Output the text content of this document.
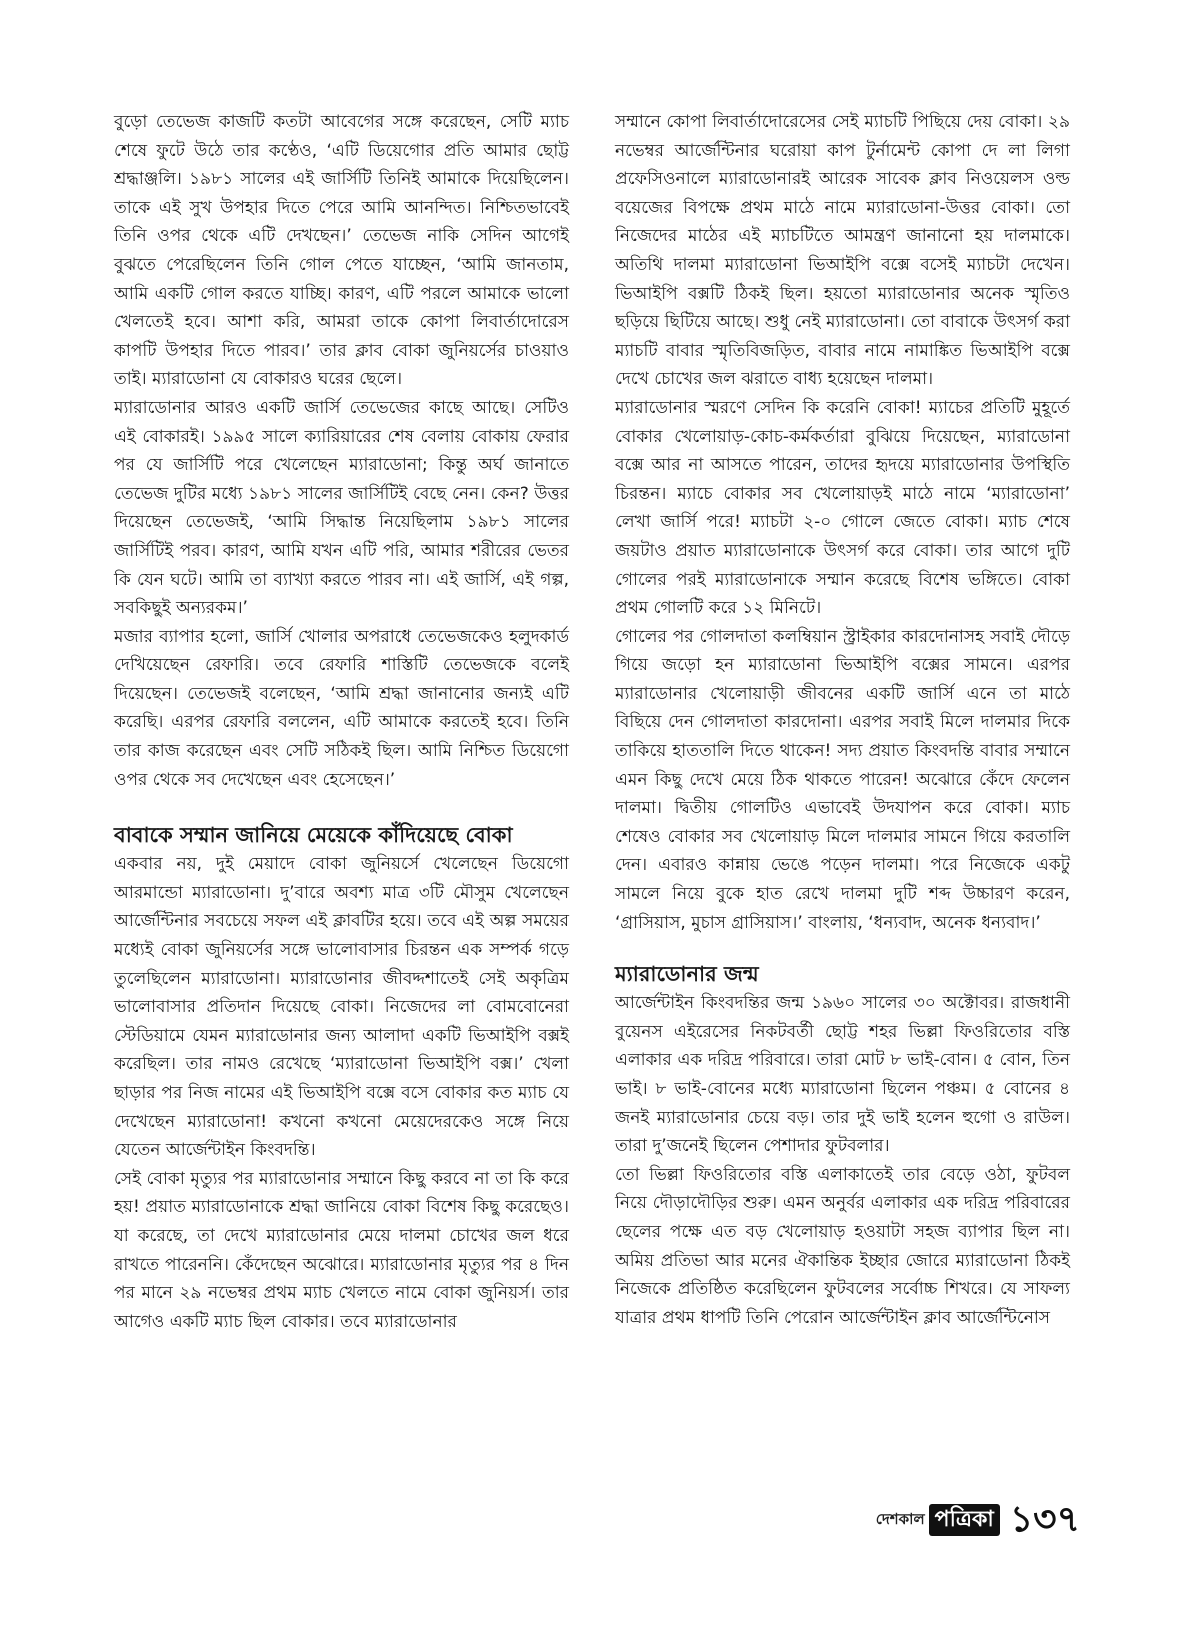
বুড়ো তেভেজ কাজটি কতটা আবেগের সঙ্গে করেছেন, সেটি ম্যাচ শেষে ফুটে উঠে তার কণ্ঠেও, ‘এটি ডিয়েগোর প্রতি আমার ছোট্ট শ্রদ্ধাঞ্জলি। ১৯৮১ সালের এই জার্সিটি তিনিই আমাকে দিয়েছিলেন। তাকে এই সুখ উপহার দিতে পেরে আমি আনন্দিত। নিশ্চিতভাবেই তিনি ওপর থেকে এটি দেখছেন।’ তেভেজ নাকি সেদিন আগেই বুঝতে পেরেছিলেন তিনি গোল পেতে যাচ্ছেন, ‘আমি জানতাম, আমি একটি গোল করতে যাচ্ছি। কারণ, এটি পরলে আমাকে ভালো খেলতেই হবে। আশা করি, আমরা তাকে কোপা লিবার্তাদোরেস কাপটি উপহার দিতে পারব।’ তার ক্লাব বোকা জুনিয়র্সের চাওয়াও তাই। ম্যারাডোনা যে বোকারও ঘরের ছেলে।

ম্যারাডোনার আরও একটি জার্সি তেভেজের কাছে আছে। সেটিও এই বোকারই। ১৯৯৫ সালে ক্যারিয়ারের শেষ বেলায় বোকায় ফেরার পর যে জার্সিটি পরে খেলেছেন ম্যারাডোনা; কিন্তু অর্ঘ জানাতে তেভেজ দুটির মধ্যে ১৯৮১ সালের জার্সিটিই বেছে নেন। কেন? উত্তর দিয়েছেন তেভেজই, ‘আমি সিদ্ধান্ত নিয়েছিলাম ১৯৮১ সালের জার্সিটিই পরব। কারণ, আমি যখন এটি পরি, আমার শরীরের ভেতর কি যেন ঘটে। আমি তা ব্যাখ্যা করতে পারব না। এই জার্সি, এই গল্প, সবকিছুই অন্যরকম।’

মজার ব্যাপার হলো, জার্সি খোলার অপরাধে তেভেজকেও হলুদকার্ড দেখিয়েছেন রেফারি। তবে রেফারি শাস্তিটি তেভেজকে বলেই দিয়েছেন। তেভেজই বলেছেন, ‘আমি শ্রদ্ধা জানানোর জন্যই এটি করেছি। এরপর রেফারি বললেন, এটি আমাকে করতেই হবে। তিনি তার কাজ করেছেন এবং সেটি সঠিকই ছিল। আমি নিশ্চিত ডিয়েগো ওপর থেকে সব দেখেছেন এবং হেসেছেন।’

বাবাকে সম্মান জানিয়ে মেয়েকে কাঁদিয়েছে বোকা

একবার নয়, দুই মেয়াদে বোকা জুনিয়র্সে খেলেছেন ডিয়েগো আরমান্ডো ম্যারাডোনা। দু’বারে অবশ্য মাত্র ৩টি মৌসুম খেলেছেন আর্জেন্টিনার সবচেয়ে সফল এই ক্লাবটির হয়ে। তবে এই অল্প সময়ের মধ্যেই বোকা জুনিয়র্সের সঙ্গে ভালোবাসার চিরন্তন এক সম্পর্ক গড়ে তুলেছিলেন ম্যারাডোনা। ম্যারাডোনার জীবদ্দশাতেই সেই অকৃত্রিম ভালোবাসার প্রতিদান দিয়েছে বোকা। নিজেদের লা বোমবোনেরা স্টেডিয়ামে যেমন ম্যারাডোনার জন্য আলাদা একটি ভিআইপি বক্সই করেছিল। তার নামও রেখেছে ‘ম্যারাডোনা ভিআইপি বক্স।’ খেলা ছাড়ার পর নিজ নামের এই ভিআইপি বক্সে বসে বোকার কত ম্যাচ যে দেখেছেন ম্যারাডোনা! কখনো কখনো মেয়েদেরকেও সঙ্গে নিয়ে যেতেন আর্জেন্টাইন কিংবদন্তি।

সেই বোকা মৃত্যুর পর ম্যারাডোনার সম্মানে কিছু করবে না তা কি করে হয়! প্রয়াত ম্যারাডোনাকে শ্রদ্ধা জানিয়ে বোকা বিশেষ কিছু করেছেও। যা করেছে, তা দেখে ম্যারাডোনার মেয়ে দালমা চোখের জল ধরে রাখতে পারেননি। কেঁদেছেন অঝোরে। ম্যারাডোনার মৃত্যুর পর ৪ দিন পর মানে ২৯ নভেম্বর প্রথম ম্যাচ খেলতে নামে বোকা জুনিয়র্স। তার আগেও একটি ম্যাচ ছিল বোকার। তবে ম্যারাডোনার

সম্মানে কোপা লিবার্তাদোরেসের সেই ম্যাচটি পিছিয়ে দেয় বোকা। ২৯ নভেম্বর আর্জেন্টিনার ঘরোয়া কাপ টুর্নামেন্ট কোপা দে লা লিগা প্রফেসিওনালে ম্যারাডোনারই আরেক সাবেক ক্লাব নিওয়েলস ওল্ড বয়েজের বিপক্ষে প্রথম মাঠে নামে ম্যারাডোনা-উত্তর বোকা। তো নিজেদের মাঠের এই ম্যাচটিতে আমন্ত্রণ জানানো হয় দালমাকে। অতিথি দালমা ম্যারাডোনা ভিআইপি বক্সে বসেই ম্যাচটা দেখেন। ভিআইপি বক্সটি ঠিকই ছিল। হয়তো ম্যারাডোনার অনেক স্মৃতিও ছড়িয়ে ছিটিয়ে আছে। শুধু নেই ম্যারাডোনা। তো বাবাকে উৎসর্গ করা ম্যাচটি বাবার স্মৃতিবিজড়িত, বাবার নামে নামাঙ্কিত ভিআইপি বক্সে দেখে চোখের জল ঝরাতে বাধ্য হয়েছেন দালমা।

ম্যারাডোনার স্মরণে সেদিন কি করেনি বোকা! ম্যাচের প্রতিটি মুহূর্তে বোকার খেলোয়াড়-কোচ-কর্মকর্তারা বুঝিয়ে দিয়েছেন, ম্যারাডোনা বক্সে আর না আসতে পারেন, তাদের হৃদয়ে ম্যারাডোনার উপস্থিতি চিরন্তন। ম্যাচে বোকার সব খেলোয়াড়ই মাঠে নামে ‘ম্যারাডোনা’ লেখা জার্সি পরে! ম্যাচটা ২-০ গোলে জেতে বোকা। ম্যাচ শেষে জয়টাও প্রয়াত ম্যারাডোনাকে উৎসর্গ করে বোকা। তার আগে দুটি গোলের পরই ম্যারাডোনাকে সম্মান করেছে বিশেষ ভঙ্গিতে। বোকা প্রথম গোলটি করে ১২ মিনিটে।

গোলের পর গোলদাতা কলম্বিয়ান স্ট্রাইকার কারদোনাসহ সবাই দৌড়ে গিয়ে জড়ো হন ম্যারাডোনা ভিআইপি বক্সের সামনে। এরপর ম্যারাডোনার খেলোয়াড়ী জীবনের একটি জার্সি এনে তা মাঠে বিছিয়ে দেন গোলদাতা কারদোনা। এরপর সবাই মিলে দালমার দিকে তাকিয়ে হাততালি দিতে থাকেন! সদ্য প্রয়াত কিংবদন্তি বাবার সম্মানে এমন কিছু দেখে মেয়ে ঠিক থাকতে পারেন! অঝোরে কেঁদে ফেলেন দালমা। দ্বিতীয় গোলটিও এভাবেই উদযাপন করে বোকা। ম্যাচ শেষেও বোকার সব খেলোয়াড় মিলে দালমার সামনে গিয়ে করতালি দেন। এবারও কান্নায় ভেঙে পড়েন দালমা। পরে নিজেকে একটু সামলে নিয়ে বুকে হাত রেখে দালমা দুটি শব্দ উচ্চারণ করেন, ‘গ্রাসিয়াস, মুচাস গ্রাসিয়াস।’ বাংলায়, ‘ধন্যবাদ, অনেক ধন্যবাদ।’

ম্যারাডোনার জন্ম

আর্জেন্টাইন কিংবদন্তির জন্ম ১৯৬০ সালের ৩০ অক্টোবর। রাজধানী বুয়েনস এইরেসের নিকটবর্তী ছোট্ট শহর ভিল্লা ফিওরিতোর বস্তি এলাকার এক দরিদ্র পরিবারে। তারা মোট ৮ ভাই-বোন। ৫ বোন, তিন ভাই। ৮ ভাই-বোনের মধ্যে ম্যারাডোনা ছিলেন পঞ্চম। ৫ বোনের ৪ জনই ম্যারাডোনার চেয়ে বড়। তার দুই ভাই হলেন হুগো ও রাউল। তারা দু’জনেই ছিলেন পেশাদার ফুটবলার।

তো ভিল্লা ফিওরিতোর বস্তি এলাকাতেই তার বেড়ে ওঠা, ফুটবল নিয়ে দৌড়াদৌড়ির শুরু। এমন অনুর্বর এলাকার এক দরিদ্র পরিবারের ছেলের পক্ষে এত বড় খেলোয়াড় হওয়াটা সহজ ব্যাপার ছিল না। অমিয় প্রতিভা আর মনের ঐকান্তিক ইচ্ছার জোরে ম্যারাডোনা ঠিকই নিজেকে প্রতিষ্ঠিত করেছিলেন ফুটবলের সর্বোচ্চ শিখরে। যে সাফল্য যাত্রার প্রথম ধাপটি তিনি পেরোন আর্জেন্টাইন ক্লাব আর্জেন্টিনোস

দেশকাল পত্রিকা ১৩৭
